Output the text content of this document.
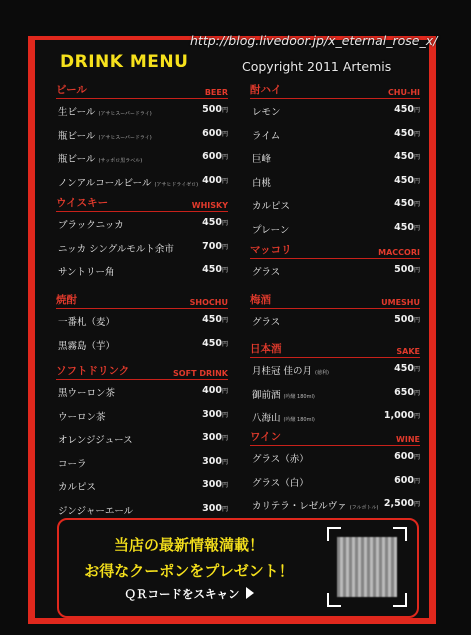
DRINK MENU
ビール	BEER
生ビール (アサヒスーパードライ)	500円
瓶ビール (アサヒスーパードライ)	600円
瓶ビール (サッポロ黒ラベル)	600円
ノンアルコールビール (アサヒドライゼロ) 400円
ウイスキー	WHISKY
ブラックニッカ	450円
ニッカ シングルモルト余市	700円
サントリー角	450円
焼酎	SHOCHU
一番札（麦）	450円
黒霧島（芋）	450円
ソフトドリンク	SOFT DRINK
黒ウーロン茶	400円
ウーロン茶	300円
オレンジジュース	300円
コーラ	300円
カルピス	300円
ジンジャーエール	300円
酎ハイ	CHU-HI
レモン	450円
ライム	450円
巨峰	450円
白桃	450円
カルピス	450円
プレーン	450円
マッコリ	MACCORI
グラス	500円
梅酒	UMESHU
グラス	500円
日本酒	SAKE
月桂冠 佳の月 (徳利)	450円
御前酒 (吟醸 180ml)	650円
八海山 (吟醸 180ml)	1,000円
ワイン	WINE
グラス（赤）	600円
グラス（白）	600円
カリテラ・レゼルヴァ (フルボトル) 2,500円
当店の最新情報満載！
お得なクーポンをプレゼント！
ＱＲコードをスキャン
http://blog.livedoor.jp/x_eternal_rose_x/
Copyright 2011 Artemis
